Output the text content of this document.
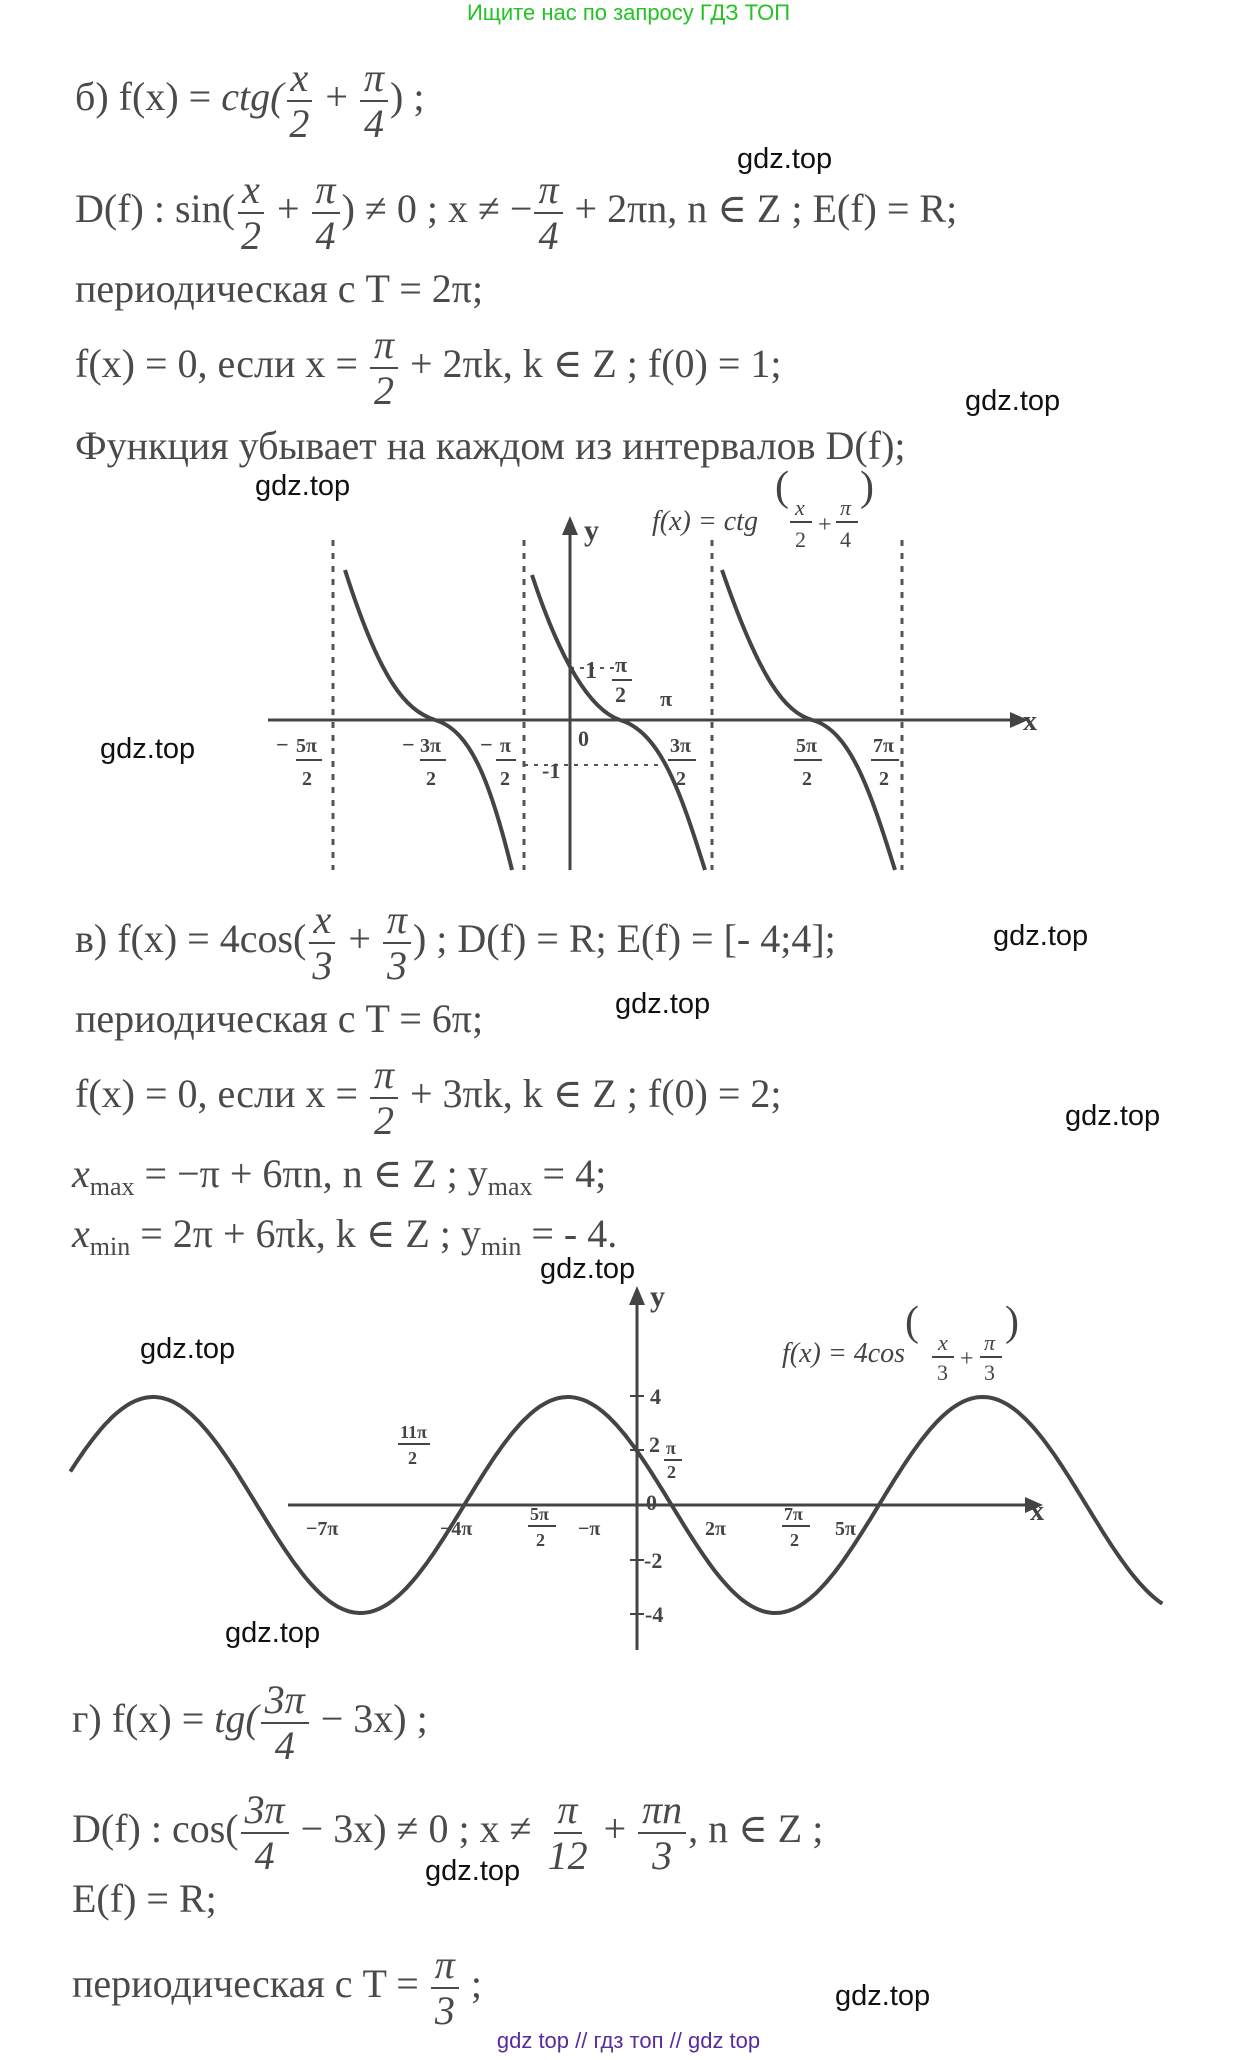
Ищите нас по запросу ГДЗ ТОП
б) $f(x) = ctg( \frac{x}{2} + \frac{\pi}{4}$ ) ;
gdz.top
D(f) : $\sin( \frac{x}{2} + \frac{\pi}{4}$ ) ≠ 0 ; x ≠ − $\frac{\pi}{4} + 2\pi n$, n ∈ Z ; E(f) = R;
периодическая с T = 2π;
f(x) = 0, если $x = \frac{\pi}{2} + 2\pi k$, k ∈ Z ; f(0) = 1;
gdz.top
Функция убывает на каждом из интервалов D(f);
gdz.top
gdz.top
y
x
1
-1
0
π
π
2
− 5π
2
− 3π
2
− π
2
3π
2
5π
2
7π
2
f(x) = ctg
( x
2
+
π
4
)
в) $f(x) = 4\cos( \frac{x}{3} + \frac{\pi}{3}$ ) ; D(f) = R; E(f) = [- 4;4];	gdz.top
gdz.top
периодическая с T = 6π;
f(x) = 0, если $x = \frac{\pi}{2} + 3\pi k$, k ∈ Z ; f(0) = 2;	gdz.top
$x_{max} = -\pi + 6\pi n$, n ∈ Z ; $y_{max} = 4$;
$x_{min} = 2\pi + 6\pi k$, k ∈ Z ; $y_{min}$ = - 4.
gdz.top
gdz.top
gdz.top
y
x
4
2 π
2
0
-2
-4
−7π	−4π	−π	2π	5π
11π
2
5π
2
7π
2
f(x) = 4cos
( x
3
+
π
3
)
г) $f(x) = tg( \frac{3\pi}{4} - 3x)$ ;
D(f) : $\cos( \frac{3\pi}{4} - 3x) \ne 0$ ; $x \ne \frac{\pi}{12} + \frac{\pi n}{3}$ , n ∈ Z ;
gdz.top
E(f) = R;
периодическая с $T = \frac{\pi}{3}$ ;	gdz.top
gdz top // гдз топ // gdz top
